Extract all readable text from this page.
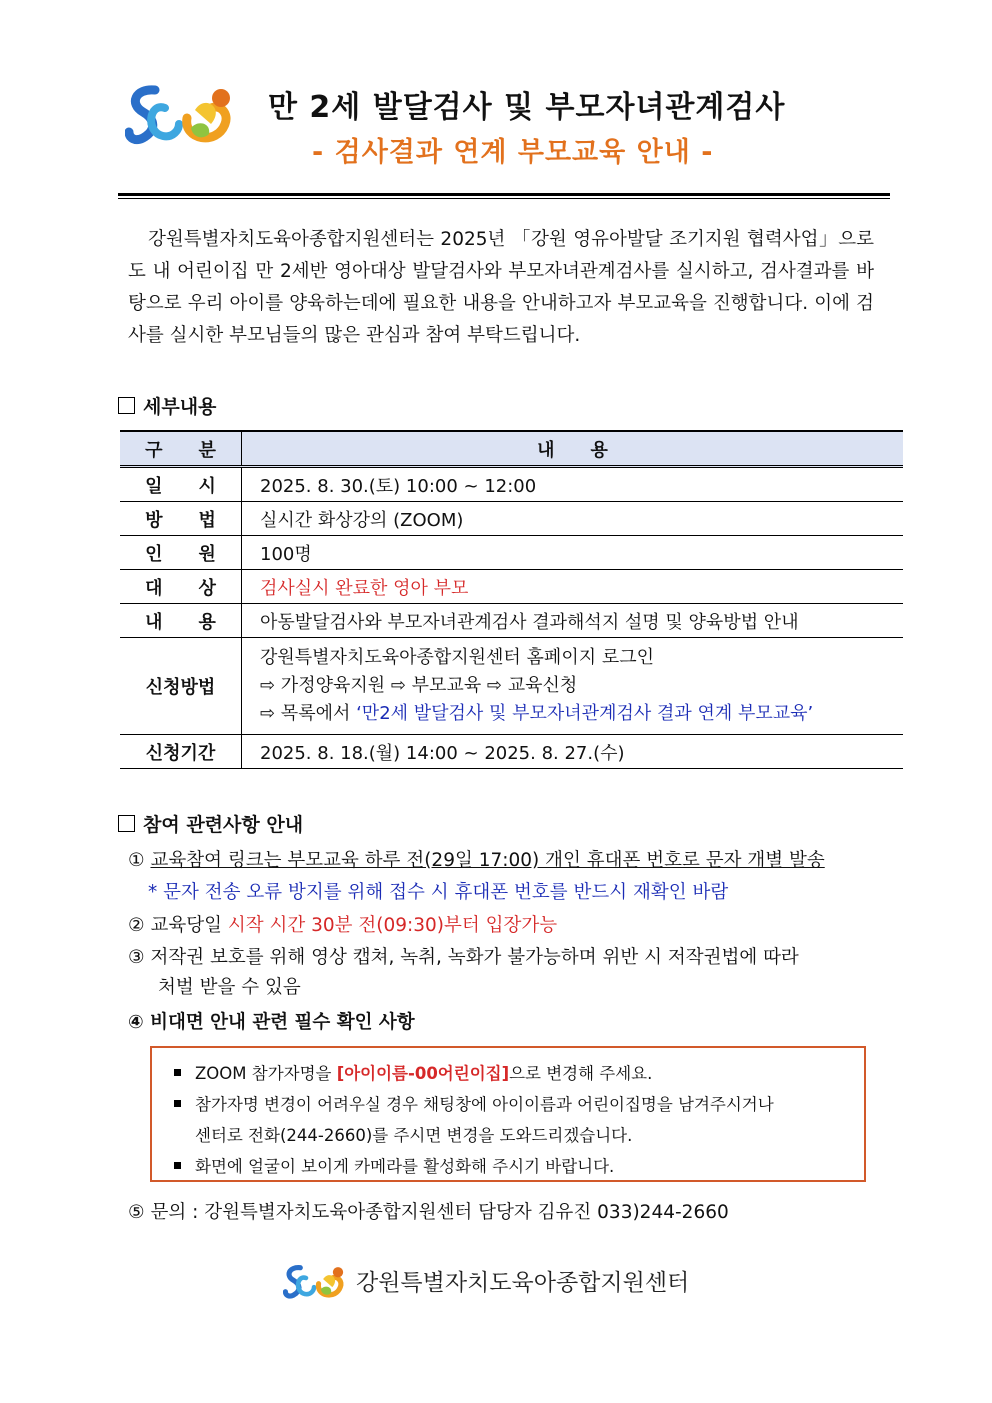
만 2세 발달검사 및 부모자녀관계검사
- 검사결과 연계 부모교육 안내 -
강원특별자치도육아종합지원센터는 2025년 「강원 영유아발달 조기지원 협력사업」으로 도 내 어린이집 만 2세반 영아대상 발달검사와 부모자녀관계검사를 실시하고, 검사결과를 바탕으로 우리 아이를 양육하는데에 필요한 내용을 안내하고자 부모교육을 진행합니다. 이에 검사를 실시한 부모님들의 많은 관심과 참여 부탁드립니다.
세부내용
구　　분	내　　용
일　　시	2025. 8. 30.(토) 10:00 ~ 12:00
방　　법	실시간 화상강의 (ZOOM)
인　　원	100명
대　　상	검사실시 완료한 영아 부모
내　　용	아동발달검사와 부모자녀관계검사 결과해석지 설명 및 양육방법 안내
신청방법	강원특별자치도육아종합지원센터 홈페이지 로그인
⇨ 가정양육지원 ⇨ 부모교육 ⇨ 교육신청
⇨ 목록에서 ‘만2세 발달검사 및 부모자녀관계검사 결과 연계 부모교육’

신청기간	2025. 8. 18.(월) 14:00 ~ 2025. 8. 27.(수)
참여 관련사항 안내
① 교육참여 링크는 부모교육 하루 전(29일 17:00) 개인 휴대폰 번호로 문자 개별 발송
* 문자 전송 오류 방지를 위해 접수 시 휴대폰 번호를 반드시 재확인 바람
② 교육당일 시작 시간 30분 전(09:30)부터 입장가능
③ 저작권 보호를 위해 영상 캡쳐, 녹취, 녹화가 불가능하며 위반 시 저작권법에 따라
처벌 받을 수 있음
④ 비대면 안내 관련 필수 확인 사항
ZOOM 참가자명을 [아이이름-00어린이집]으로 변경해 주세요.
참가자명 변경이 어려우실 경우 채팅창에 아이이름과 어린이집명을 남겨주시거나
센터로 전화(244-2660)를 주시면 변경을 도와드리겠습니다.
화면에 얼굴이 보이게 카메라를 활성화해 주시기 바랍니다.
⑤ 문의 : 강원특별자치도육아종합지원센터 담당자 김유진 033)244-2660
강원특별자치도육아종합지원센터
